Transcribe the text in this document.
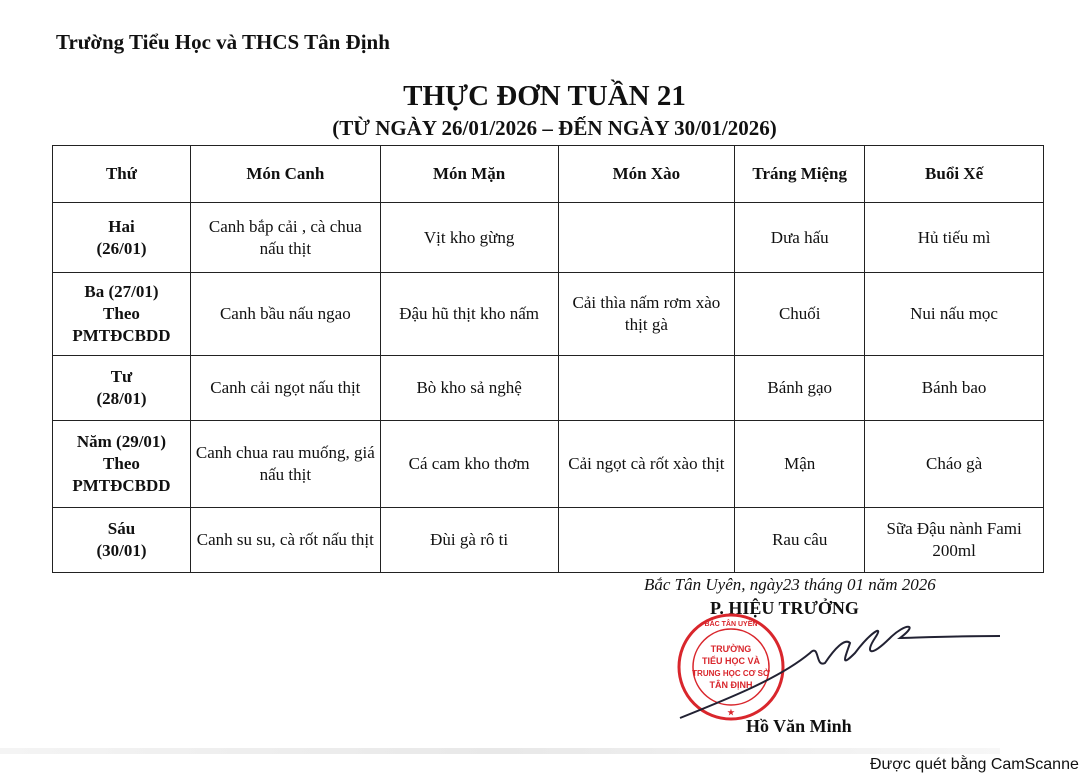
Trường Tiểu Học và THCS Tân Định
THỰC ĐƠN TUẦN 21
(TỪ NGÀY 26/01/2026 – ĐẾN NGÀY 30/01/2026)
Thứ	Món Canh	Món Mặn	Món Xào	Tráng Miệng	Buổi Xế
Hai
(26/01)	Canh bắp cải , cà chua nấu thịt	Vịt kho gừng		Dưa hấu	Hủ tiếu mì
Ba (27/01)
Theo
PMTĐCBDD	Canh bầu nấu ngao	Đậu hũ thịt kho nấm	Cải thìa nấm rơm xào thịt gà	Chuối	Nui nấu mọc
Tư
(28/01)	Canh cải ngọt nấu thịt	Bò kho sả nghệ		Bánh gạo	Bánh bao
Năm (29/01)
Theo
PMTĐCBDD	Canh chua rau muống, giá nấu thịt	Cá cam kho thơm	Cải ngọt cà rốt xào thịt	Mận	Cháo gà
Sáu
(30/01)	Canh su su, cà rốt nấu thịt	Đùi gà rô ti		Rau câu	Sữa Đậu nành Fami 200ml
Bắc Tân Uyên, ngày23 tháng 01 năm 2026
P. HIỆU TRƯỞNG
TRƯỜNG
TIỂU HỌC VÀ
TRUNG HỌC CƠ SỞ
TÂN ĐỊNH
BẮC TÂN UYÊN
★
Hồ Văn Minh
Được quét bằng CamScanne
